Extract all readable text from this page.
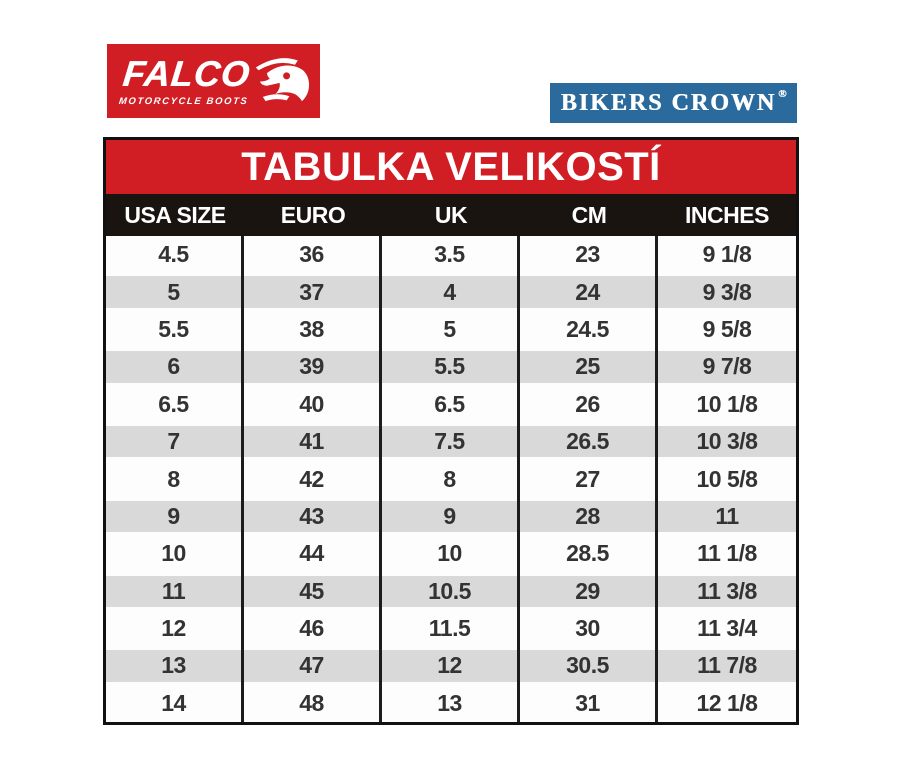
FALCO
MOTORCYCLE BOOTS	BIKERS CROWN ®
TABULKA VELIKOSTÍ
USA SIZE	EURO	UK	CM	INCHES
4.5	36	3.5	23	9 1/8
5	37	4	24	9 3/8
5.5	38	5	24.5	9 5/8
6	39	5.5	25	9 7/8
6.5	40	6.5	26	10 1/8
7	41	7.5	26.5	10 3/8
8	42	8	27	10 5/8
9	43	9	28	11
10	44	10	28.5	11 1/8
11	45	10.5	29	11 3/8
12	46	11.5	30	11 3/4
13	47	12	30.5	11 7/8
14	48	13	31	12 1/8
